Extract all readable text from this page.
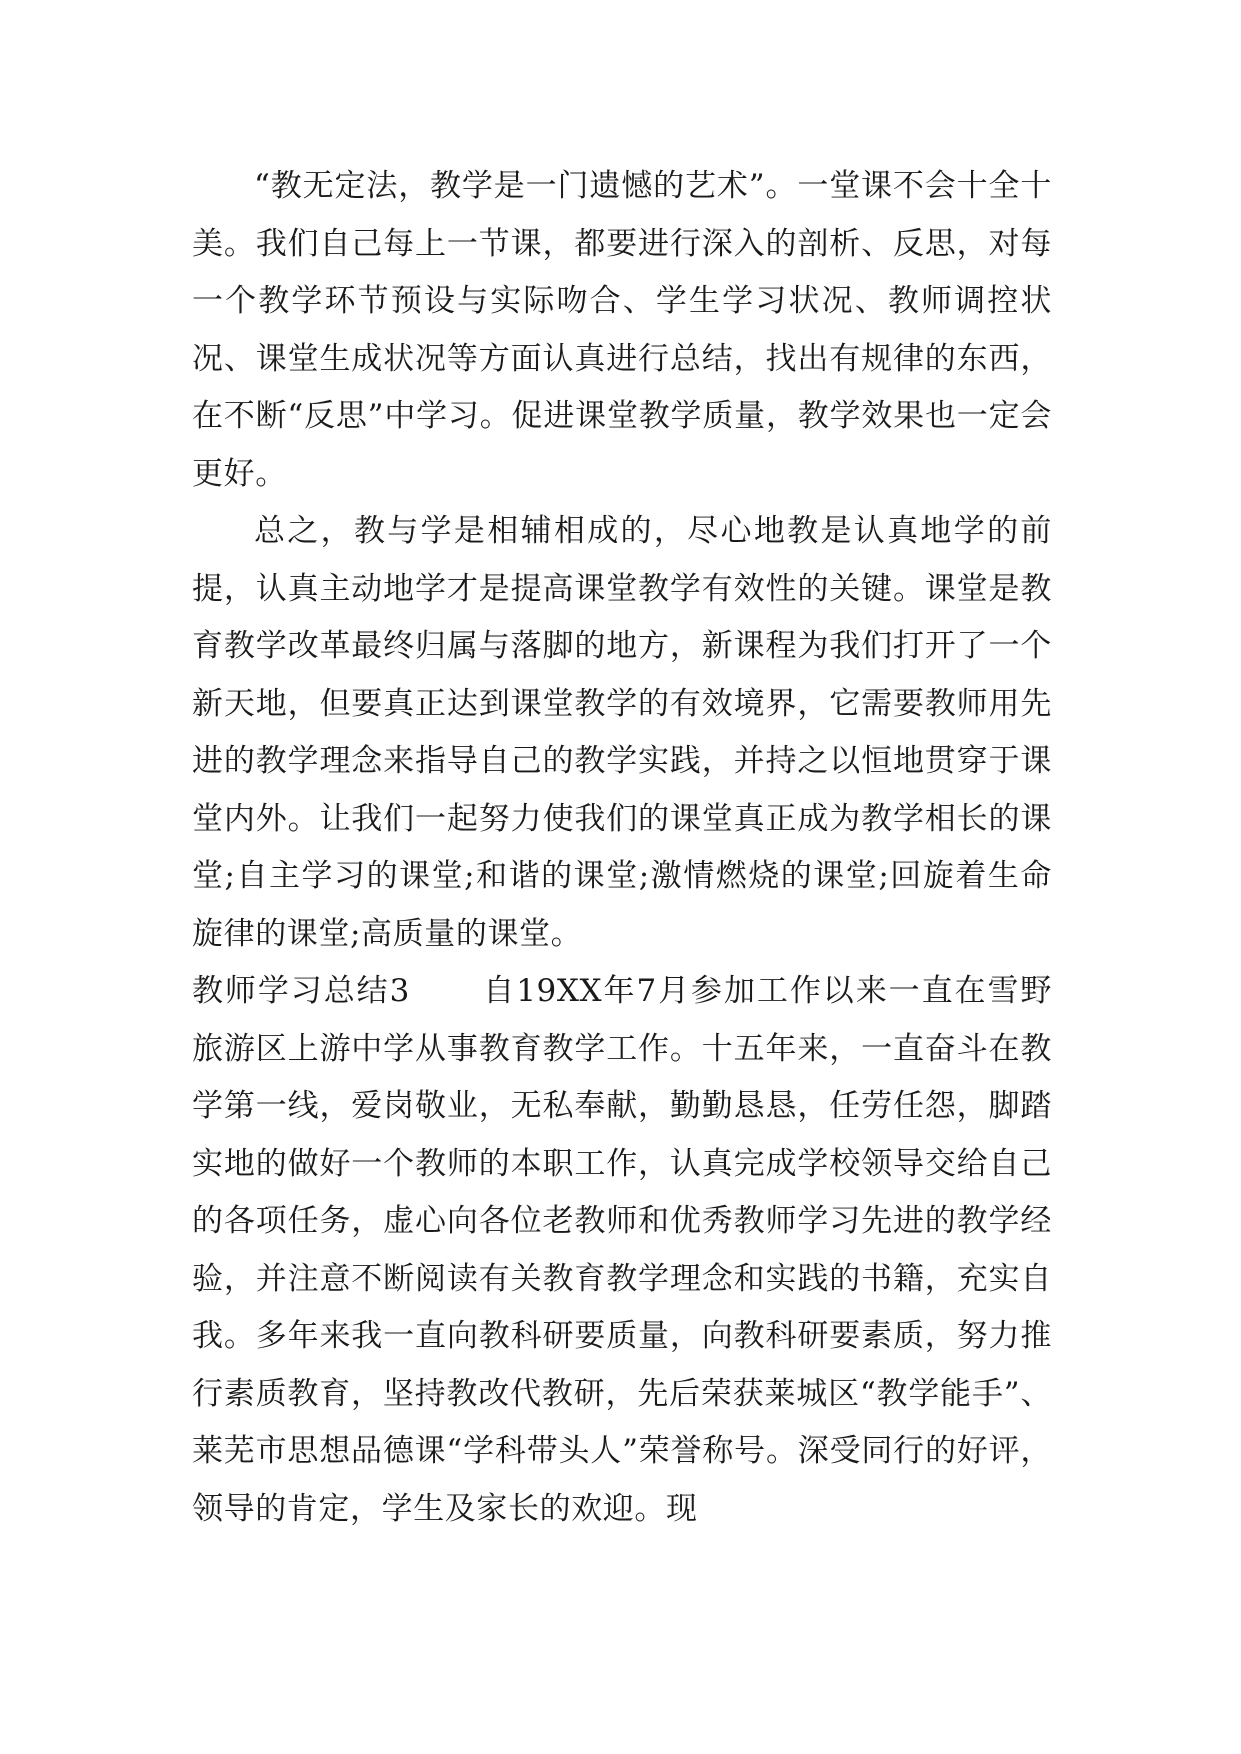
“教无定法，教学是一门遗憾的艺术”。一堂课不会十全十美。我们自己每上一节课，都要进行深入的剖析、反思，对每一个教学环节预设与实际吻合、学生学习状况、教师调控状况、课堂生成状况等方面认真进行总结，找出有规律的东西，在不断“反思”中学习。促进课堂教学质量，教学效果也一定会更好。

总之，教与学是相辅相成的，尽心地教是认真地学的前提，认真主动地学才是提高课堂教学有效性的关键。课堂是教育教学改革最终归属与落脚的地方，新课程为我们打开了一个新天地，但要真正达到课堂教学的有效境界，它需要教师用先进的教学理念来指导自己的教学实践，并持之以恒地贯穿于课堂内外。让我们一起努力使我们的课堂真正成为教学相长的课堂;自主学习的课堂;和谐的课堂;激情燃烧的课堂;回旋着生命旋律的课堂;高质量的课堂。

教师学习总结3 自19XX年7月参加工作以来一直在雪野旅游区上游中学从事教育教学工作。十五年来，一直奋斗在教学第一线，爱岗敬业，无私奉献，勤勤恳恳，任劳任怨，脚踏实地的做好一个教师的本职工作，认真完成学校领导交给自己的各项任务，虚心向各位老教师和优秀教师学习先进的教学经验，并注意不断阅读有关教育教学理念和实践的书籍，充实自我。多年来我一直向教科研要质量，向教科研要素质，努力推行素质教育，坚持教改代教研，先后荣获莱城区“教学能手”、莱芜市思想品德课“学科带头人”荣誉称号。深受同行的好评，领导的肯定，学生及家长的欢迎。现
